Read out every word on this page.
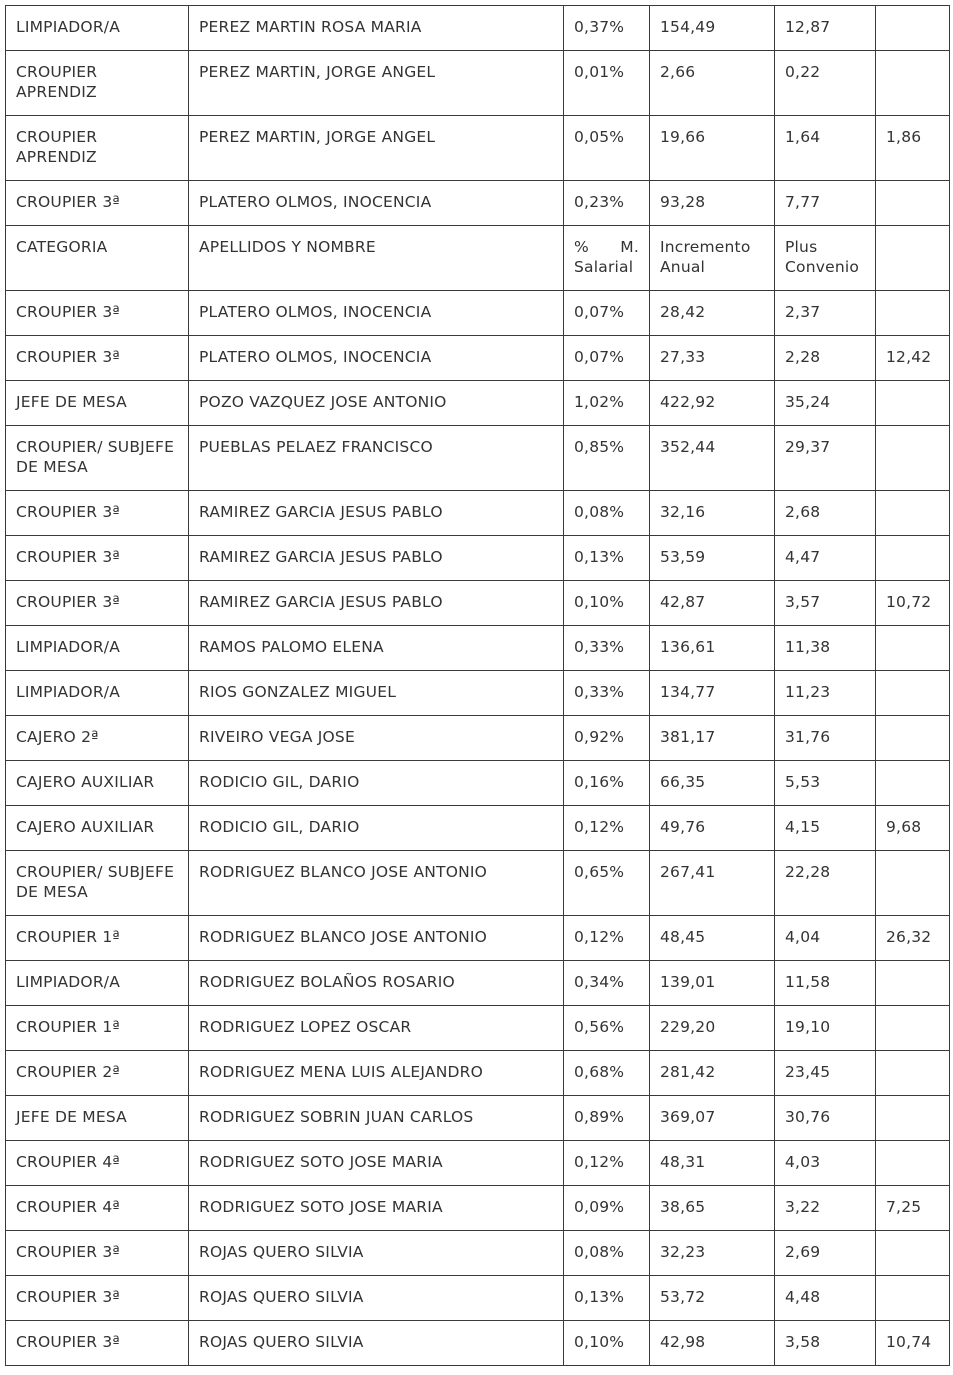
LIMPIADOR/A	PEREZ MARTIN ROSA MARIA	0,37%	154,49	12,87	
CROUPIER APRENDIZ	PEREZ MARTIN, JORGE ANGEL	0,01%	2,66	0,22	
CROUPIER APRENDIZ	PEREZ MARTIN, JORGE ANGEL	0,05%	19,66	1,64	1,86
CROUPIER 3ª	PLATERO OLMOS, INOCENCIA	0,23%	93,28	7,77	
CATEGORIA	APELLIDOS Y NOMBRE	% M. Salarial	Incremento Anual	Plus Convenio	
CROUPIER 3ª	PLATERO OLMOS, INOCENCIA	0,07%	28,42	2,37	
CROUPIER 3ª	PLATERO OLMOS, INOCENCIA	0,07%	27,33	2,28	12,42
JEFE DE MESA	POZO VAZQUEZ JOSE ANTONIO	1,02%	422,92	35,24	
CROUPIER/ SUBJEFE DE MESA	PUEBLAS PELAEZ FRANCISCO	0,85%	352,44	29,37	
CROUPIER 3ª	RAMIREZ GARCIA JESUS PABLO	0,08%	32,16	2,68	
CROUPIER 3ª	RAMIREZ GARCIA JESUS PABLO	0,13%	53,59	4,47	
CROUPIER 3ª	RAMIREZ GARCIA JESUS PABLO	0,10%	42,87	3,57	10,72
LIMPIADOR/A	RAMOS PALOMO ELENA	0,33%	136,61	11,38	
LIMPIADOR/A	RIOS GONZALEZ MIGUEL	0,33%	134,77	11,23	
CAJERO 2ª	RIVEIRO VEGA JOSE	0,92%	381,17	31,76	
CAJERO AUXILIAR	RODICIO GIL, DARIO	0,16%	66,35	5,53	
CAJERO AUXILIAR	RODICIO GIL, DARIO	0,12%	49,76	4,15	9,68
CROUPIER/ SUBJEFE DE MESA	RODRIGUEZ BLANCO JOSE ANTONIO	0,65%	267,41	22,28	
CROUPIER 1ª	RODRIGUEZ BLANCO JOSE ANTONIO	0,12%	48,45	4,04	26,32
LIMPIADOR/A	RODRIGUEZ BOLAÑOS ROSARIO	0,34%	139,01	11,58	
CROUPIER 1ª	RODRIGUEZ LOPEZ OSCAR	0,56%	229,20	19,10	
CROUPIER 2ª	RODRIGUEZ MENA LUIS ALEJANDRO	0,68%	281,42	23,45	
JEFE DE MESA	RODRIGUEZ SOBRIN JUAN CARLOS	0,89%	369,07	30,76	
CROUPIER 4ª	RODRIGUEZ SOTO JOSE MARIA	0,12%	48,31	4,03	
CROUPIER 4ª	RODRIGUEZ SOTO JOSE MARIA	0,09%	38,65	3,22	7,25
CROUPIER 3ª	ROJAS QUERO SILVIA	0,08%	32,23	2,69	
CROUPIER 3ª	ROJAS QUERO SILVIA	0,13%	53,72	4,48	
CROUPIER 3ª	ROJAS QUERO SILVIA	0,10%	42,98	3,58	10,74
